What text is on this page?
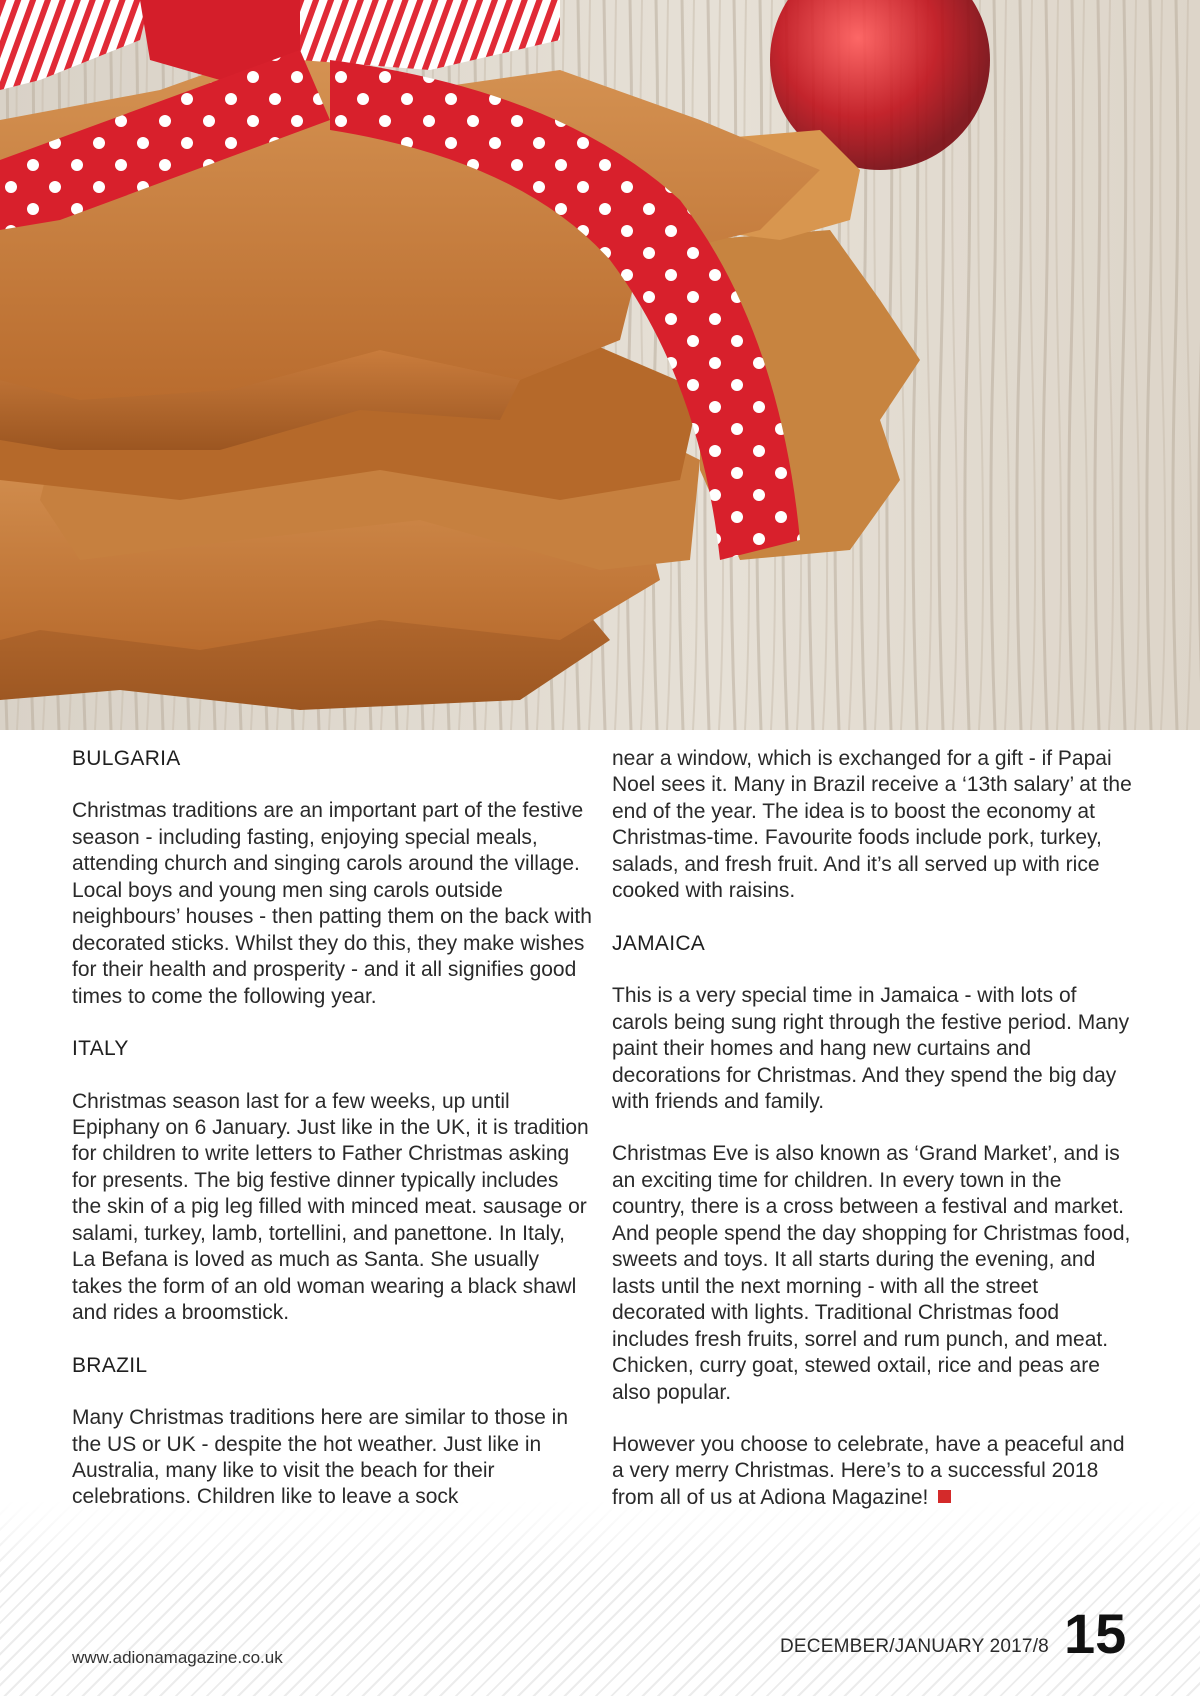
BULGARIA

Christmas traditions are an important part of the festive season - including fasting, enjoying special meals, attending church and singing carols around the village. Local boys and young men sing carols outside neighbours’ houses - then patting them on the back with decorated sticks. Whilst they do this, they make wishes for their health and prosperity - and it all signifies good times to come the following year.

ITALY

Christmas season last for a few weeks, up until Epiphany on 6 January. Just like in the UK, it is tradition for children to write letters to Father Christmas asking for presents. The big festive dinner typically includes the skin of a pig leg filled with minced meat. sausage or salami, turkey, lamb, tortellini, and panettone. In Italy, La Befana is loved as much as Santa. She usually takes the form of an old woman wearing a black shawl and rides a broomstick.

BRAZIL

Many Christmas traditions here are similar to those in the US or UK - despite the hot weather. Just like in Australia, many like to visit the beach for their celebrations. Children like to leave a sock

near a window, which is exchanged for a gift - if Papai Noel sees it. Many in Brazil receive a ‘13th salary’ at the end of the year. The idea is to boost the economy at Christmas-time. Favourite foods include pork, turkey, salads, and fresh fruit. And it’s all served up with rice cooked with raisins.

JAMAICA

This is a very special time in Jamaica - with lots of carols being sung right through the festive period. Many paint their homes and hang new curtains and decorations for Christmas. And they spend the big day with friends and family.

Christmas Eve is also known as ‘Grand Market’, and is an exciting time for children. In every town in the country, there is a cross between a festival and market. And people spend the day shopping for Christmas food, sweets and toys. It all starts during the evening, and lasts until the next morning - with all the street decorated with lights. Traditional Christmas food includes fresh fruits, sorrel and rum punch, and meat. Chicken, curry goat, stewed oxtail, rice and peas are also popular.

However you choose to celebrate, have a peaceful and a very merry Christmas. Here’s to a successful 2018 from all of us at Adiona Magazine!

www.adionamagazine.co.uk
DECEMBER/JANUARY 2017/8 15
